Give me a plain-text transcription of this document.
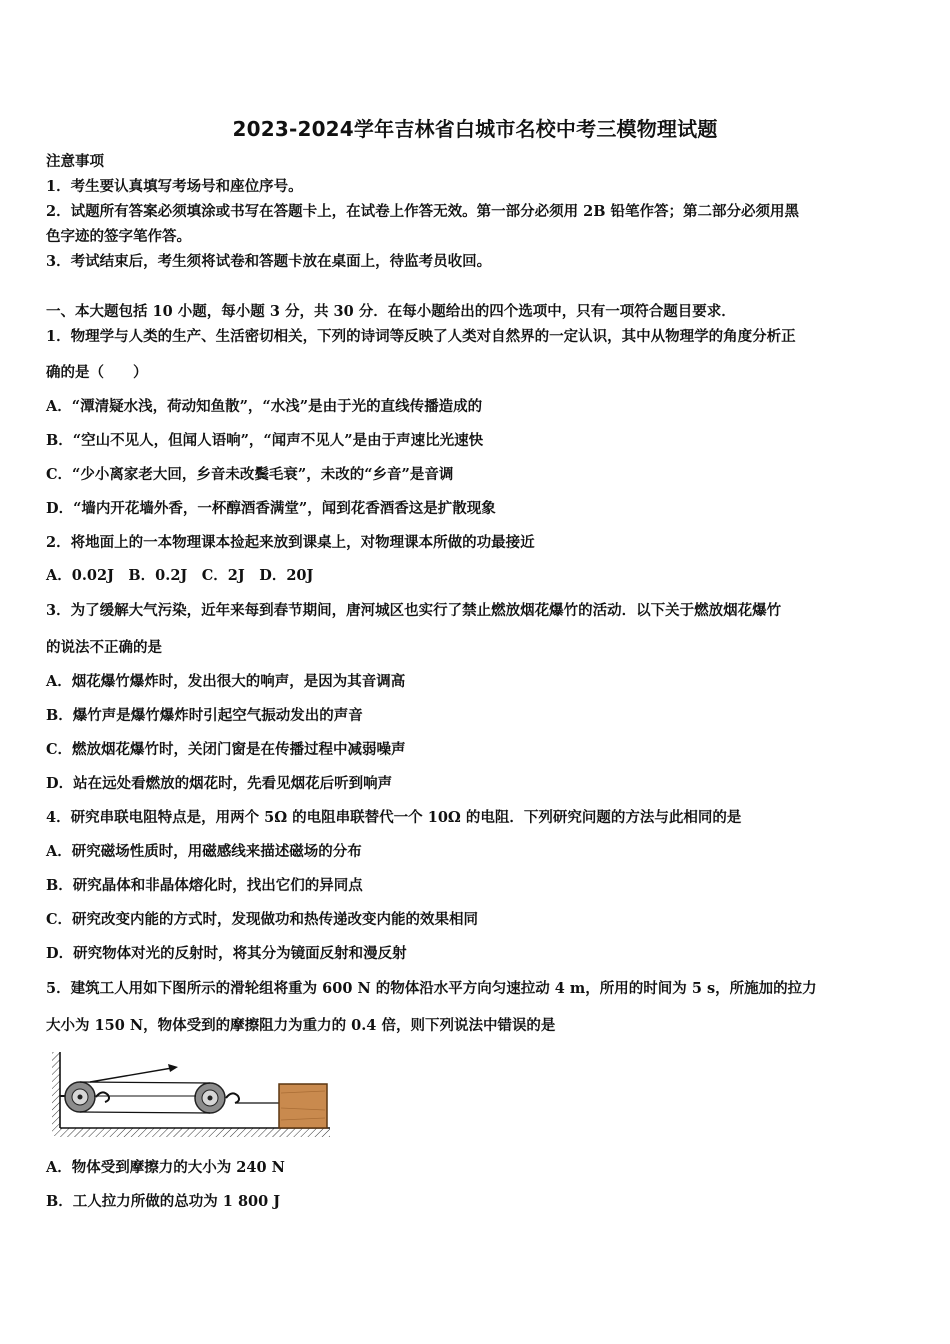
2023-2024学年吉林省白城市名校中考三模物理试题
注意事项
1．考生要认真填写考场号和座位序号。
2．试题所有答案必须填涂或书写在答题卡上，在试卷上作答无效。第一部分必须用 2B 铅笔作答；第二部分必须用黑
色字迹的签字笔作答。
3．考试结束后，考生须将试卷和答题卡放在桌面上，待监考员收回。
一、本大题包括 10 小题，每小题 3 分，共 30 分．在每小题给出的四个选项中，只有一项符合题目要求．
1．物理学与人类的生产、生活密切相关，下列的诗词等反映了人类对自然界的一定认识，其中从物理学的角度分析正
确的是（　　）
A．“潭清疑水浅，荷动知鱼散”，“水浅”是由于光的直线传播造成的
B．“空山不见人，但闻人语响”，“闻声不见人”是由于声速比光速快
C．“少小离家老大回，乡音未改鬓毛衰”，未改的“乡音”是音调
D．“墙内开花墙外香，一杯醇酒香满堂”，闻到花香酒香这是扩散现象
2．将地面上的一本物理课本捡起来放到课桌上，对物理课本所做的功最接近
A．0.02J　B．0.2J　C．2J　D．20J
3．为了缓解大气污染，近年来每到春节期间，唐河城区也实行了禁止燃放烟花爆竹的活动．以下关于燃放烟花爆竹
的说法不正确的是
A．烟花爆竹爆炸时，发出很大的响声，是因为其音调高
B．爆竹声是爆竹爆炸时引起空气振动发出的声音
C．燃放烟花爆竹时，关闭门窗是在传播过程中减弱噪声
D．站在远处看燃放的烟花时，先看见烟花后听到响声
4．研究串联电阻特点是，用两个 5Ω 的电阻串联替代一个 10Ω 的电阻．下列研究问题的方法与此相同的是
A．研究磁场性质时，用磁感线来描述磁场的分布
B．研究晶体和非晶体熔化时，找出它们的异同点
C．研究改变内能的方式时，发现做功和热传递改变内能的效果相同
D．研究物体对光的反射时，将其分为镜面反射和漫反射
5．建筑工人用如下图所示的滑轮组将重为 600 N 的物体沿水平方向匀速拉动 4 m，所用的时间为 5 s，所施加的拉力
大小为 150 N，物体受到的摩擦阻力为重力的 0.4 倍，则下列说法中错误的是
A．物体受到摩擦力的大小为 240 N
B．工人拉力所做的总功为 1 800 J
